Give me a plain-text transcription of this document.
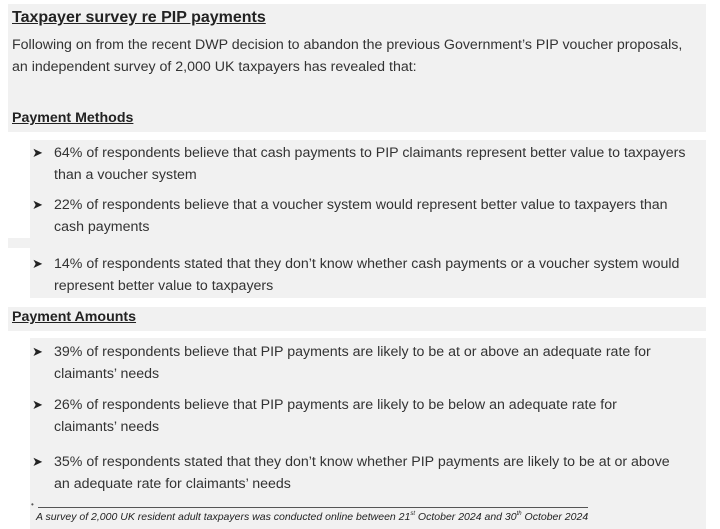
Taxpayer survey re PIP payments
Following on from the recent DWP decision to abandon the previous Government’s PIP voucher proposals, an independent survey of 2,000 UK taxpayers has revealed that:
Payment Methods
➤ 64% of respondents believe that cash payments to PIP claimants represent better value to taxpayers than a voucher system
➤ 22% of respondents believe that a voucher system would represent better value to taxpayers than cash payments
➤ 14% of respondents stated that they don’t know whether cash payments or a voucher system would represent better value to taxpayers
Payment Amounts
➤ 39% of respondents believe that PIP payments are likely to be at or above an adequate rate for claimants’ needs
➤ 26% of respondents believe that PIP payments are likely to be below an adequate rate for claimants’ needs
➤ 35% of respondents stated that they don’t know whether PIP payments are likely to be at or above an adequate rate for claimants’ needs
•
A survey of 2,000 UK resident adult taxpayers was conducted online between 21st October 2024 and 30th October 2024
